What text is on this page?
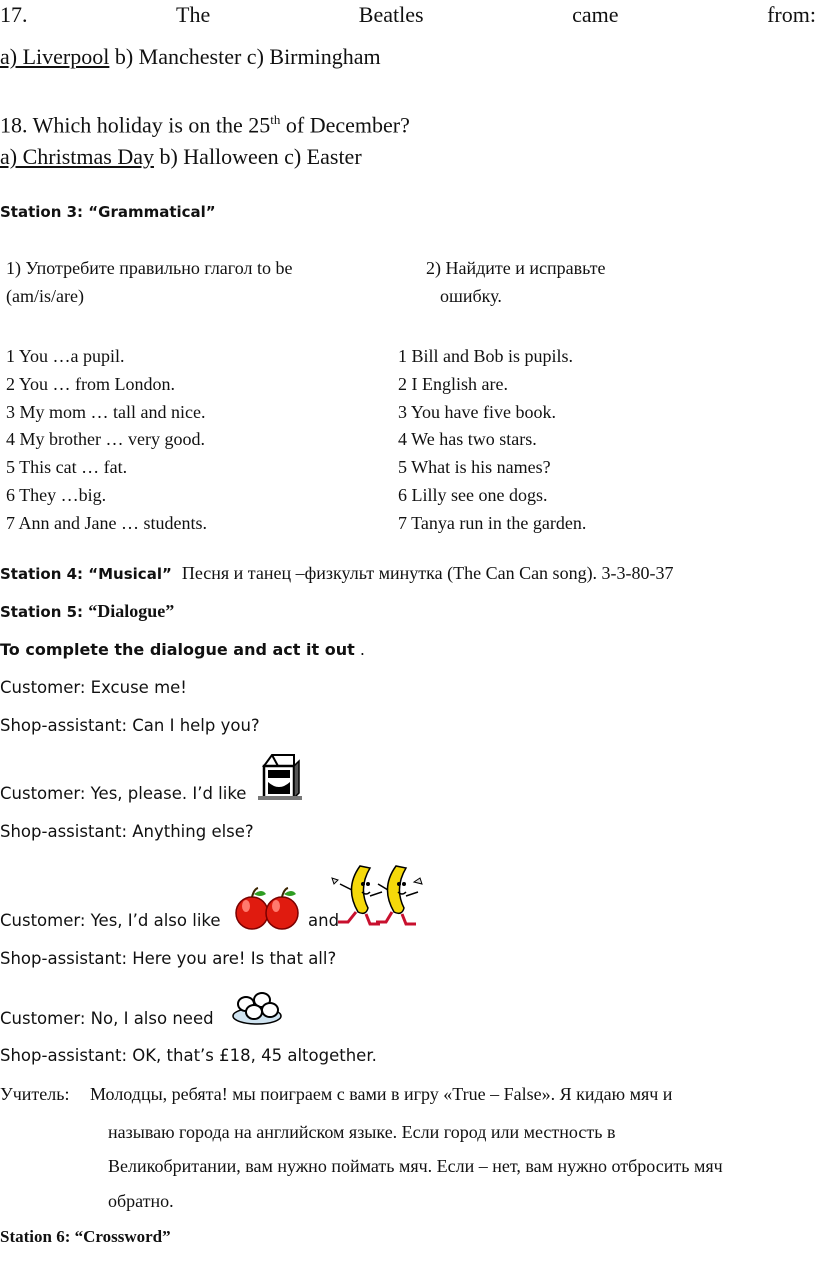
17.	The	Beatles	came	from:
a) Liverpool b) Manchester c) Birmingham
18. Which holiday is on the 25th of December?
a) Christmas Day b) Halloween c) Easter
Station 3: “Grammatical”
1) Употребите правильно глагол to be
(am/is/are)
2) Найдите и исправьте
ошибку.
1 You …a pupil.
2 You … from London.
3 My mom … tall and nice.
4 My brother … very good.
5 This cat … fat.
6 They …big.
7 Ann and Jane … students.
1 Bill and Bob is pupils.
2 I English are.
3 You have five book.
4 We has two stars.
5 What is his names?
6 Lilly see one dogs.
7 Tanya run in the garden.
Station 4: “Musical” Песня и танец –физкульт минутка (The Can Can song). 3-3-80-37
Station 5: “Dialogue”
To complete the dialogue and act it out .
Customer: Excuse me!
Shop-assistant: Can I help you?
Customer: Yes, please. I’d like
Shop-assistant: Anything else?
Customer: Yes, I’d also like	and
Shop-assistant: Here you are! Is that all?
Customer: No, I also need
Shop-assistant: OK, that’s £18, 45 altogether.
Учитель: Молодцы, ребята! мы поиграем с вами в игру «True – False». Я кидаю мяч и
называю города на английском языке. Если город или местность в
Великобритании, вам нужно поймать мяч. Если – нет, вам нужно отбросить мяч
обратно.
Station 6: “Crossword”
